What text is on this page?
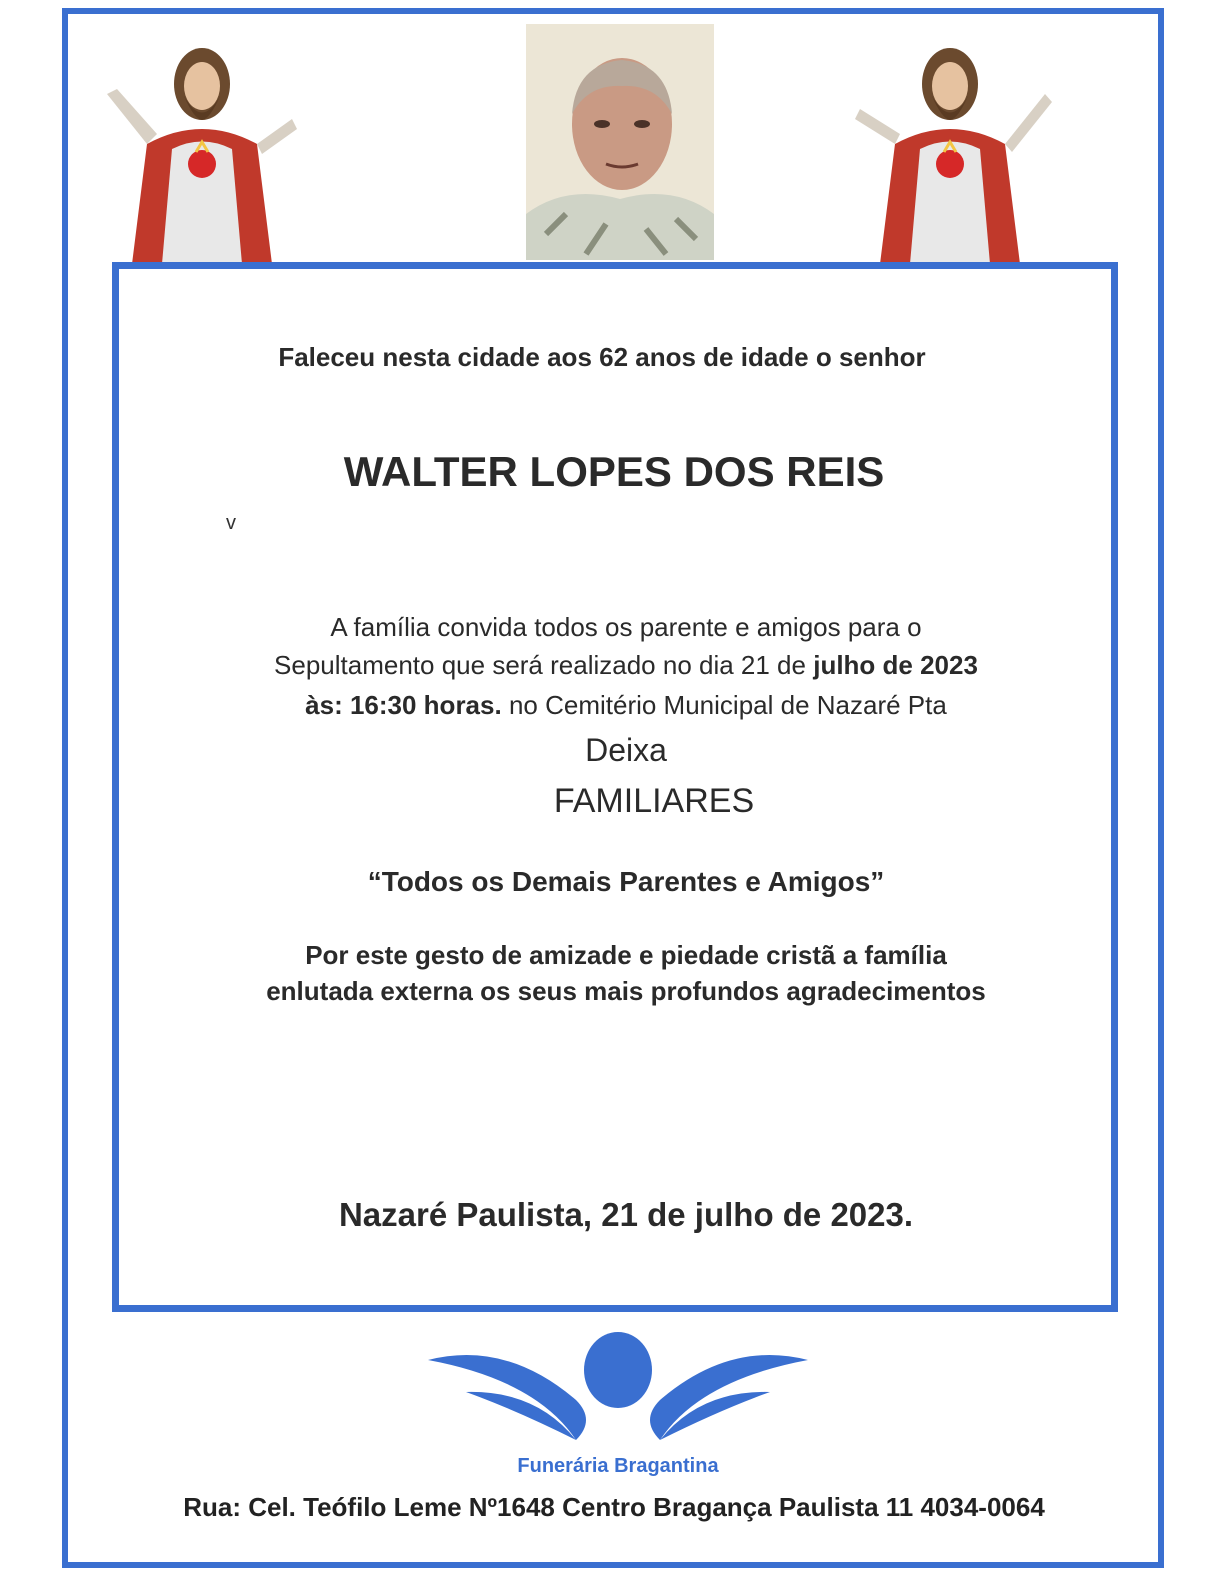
Faleceu nesta cidade aos 62 anos de idade o senhor
WALTER LOPES DOS REIS
v
A família convida todos os parente e amigos para o
Sepultamento que será realizado no dia 21 de julho de 2023
às: 16:30 horas. no Cemitério Municipal de Nazaré Pta
Deixa
FAMILIARES
“Todos os Demais Parentes e Amigos”
Por este gesto de amizade e piedade cristã a família
enlutada externa os seus mais profundos agradecimentos
Nazaré Paulista, 21 de julho de 2023.
Funerária Bragantina
Rua: Cel. Teófilo Leme Nº1648 Centro Bragança Paulista 11 4034-0064
